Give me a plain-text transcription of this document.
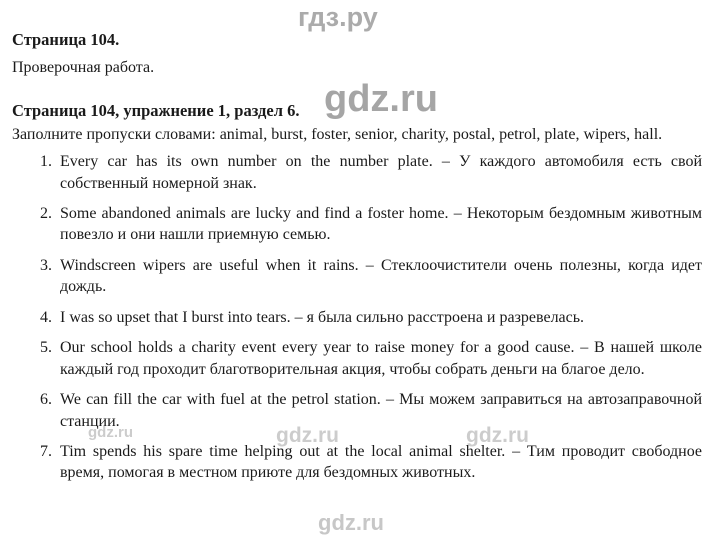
гдз.ру
gdz.ru
gdz.ru	gdz.ru	gdz.ru
gdz.ru

Страница 104.

Проверочная работа.

Страница 104, упражнение 1, раздел 6.

Заполните пропуски словами: animal, burst, foster, senior, charity, postal, petrol, plate, wipers, hall.

Every car has its own number on the number plate. – У каждого автомобиля есть свой собственный номерной знак.
Some abandoned animals are lucky and find a foster home. – Некоторым бездомным животным повезло и они нашли приемную семью.
Windscreen wipers are useful when it rains. – Стеклоочистители очень полезны, когда идет дождь.
I was so upset that I burst into tears. – я была сильно расстроена и разревелась.
Our school holds a charity event every year to raise money for a good cause. – В нашей школе каждый год проходит благотворительная акция, чтобы собрать деньги на благое дело.
We can fill the car with fuel at the petrol station. – Мы можем заправиться на автозаправочной станции.
Tim spends his spare time helping out at the local animal shelter. – Тим проводит свободное время, помогая в местном приюте для бездомных животных.
